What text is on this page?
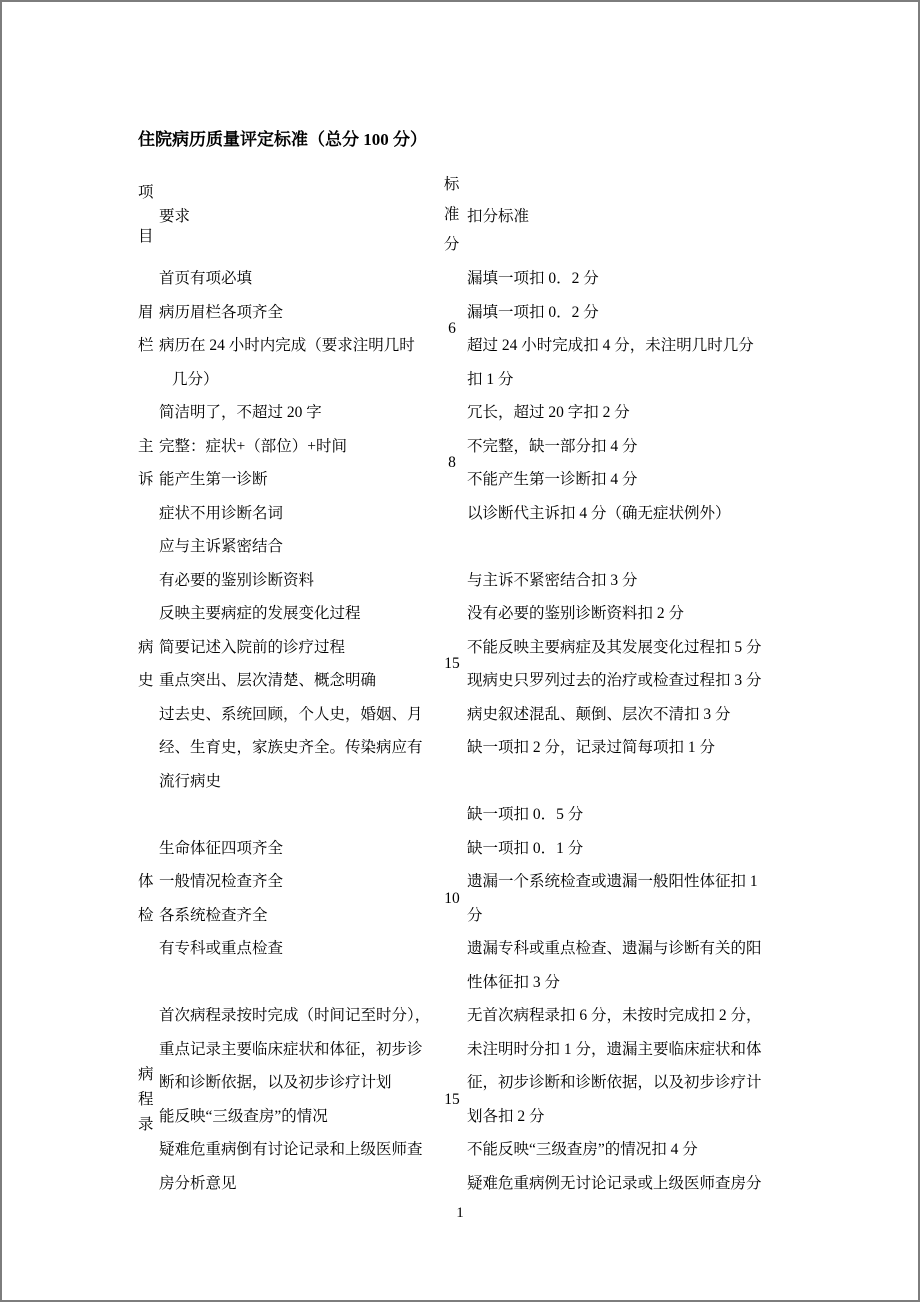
住院病历质量评定标准（总分 100 分）
项目
要求
标准分
扣分标准
眉栏
首页有项必填
病历眉栏各项齐全
病历在 24 小时内完成（要求注明几时
几分）
6
漏填一项扣 0．2 分
漏填一项扣 0．2 分
超过 24 小时完成扣 4 分，未注明几时几分
扣 1 分
主诉
简洁明了，不超过 20 字
完整：症状+（部位）+时间
能产生第一诊断
症状不用诊断名词
8
冗长，超过 20 字扣 2 分
不完整，缺一部分扣 4 分
不能产生第一诊断扣 4 分
以诊断代主诉扣 4 分（确无症状例外）
病史
应与主诉紧密结合
有必要的鉴别诊断资料
反映主要病症的发展变化过程
简要记述入院前的诊疗过程
重点突出、层次清楚、概念明确
过去史、系统回顾，个人史，婚姻、月
经、生育史，家族史齐全。传染病应有
流行病史
15
与主诉不紧密结合扣 3 分
没有必要的鉴别诊断资料扣 2 分
不能反映主要病症及其发展变化过程扣 5 分
现病史只罗列过去的治疗或检查过程扣 3 分
病史叙述混乱、颠倒、层次不清扣 3 分
缺一项扣 2 分，记录过简每项扣 1 分
体检
生命体征四项齐全
一般情况检查齐全
各系统检查齐全
有专科或重点检查
10
缺一项扣 0．5 分
缺一项扣 0．1 分
遗漏一个系统检查或遗漏一般阳性体征扣 1
分
遗漏专科或重点检查、遗漏与诊断有关的阳
性体征扣 3 分
病程录
首次病程录按时完成（时间记至时分），
重点记录主要临床症状和体征，初步诊
断和诊断依据，以及初步诊疗计划
能反映“三级查房”的情况
疑难危重病倒有讨论记录和上级医师查
房分析意见
15
无首次病程录扣 6 分，未按时完成扣 2 分，
未注明时分扣 1 分，遗漏主要临床症状和体
征，初步诊断和诊断依据，以及初步诊疗计
划各扣 2 分
不能反映“三级查房”的情况扣 4 分
疑难危重病例无讨论记录或上级医师查房分
1
